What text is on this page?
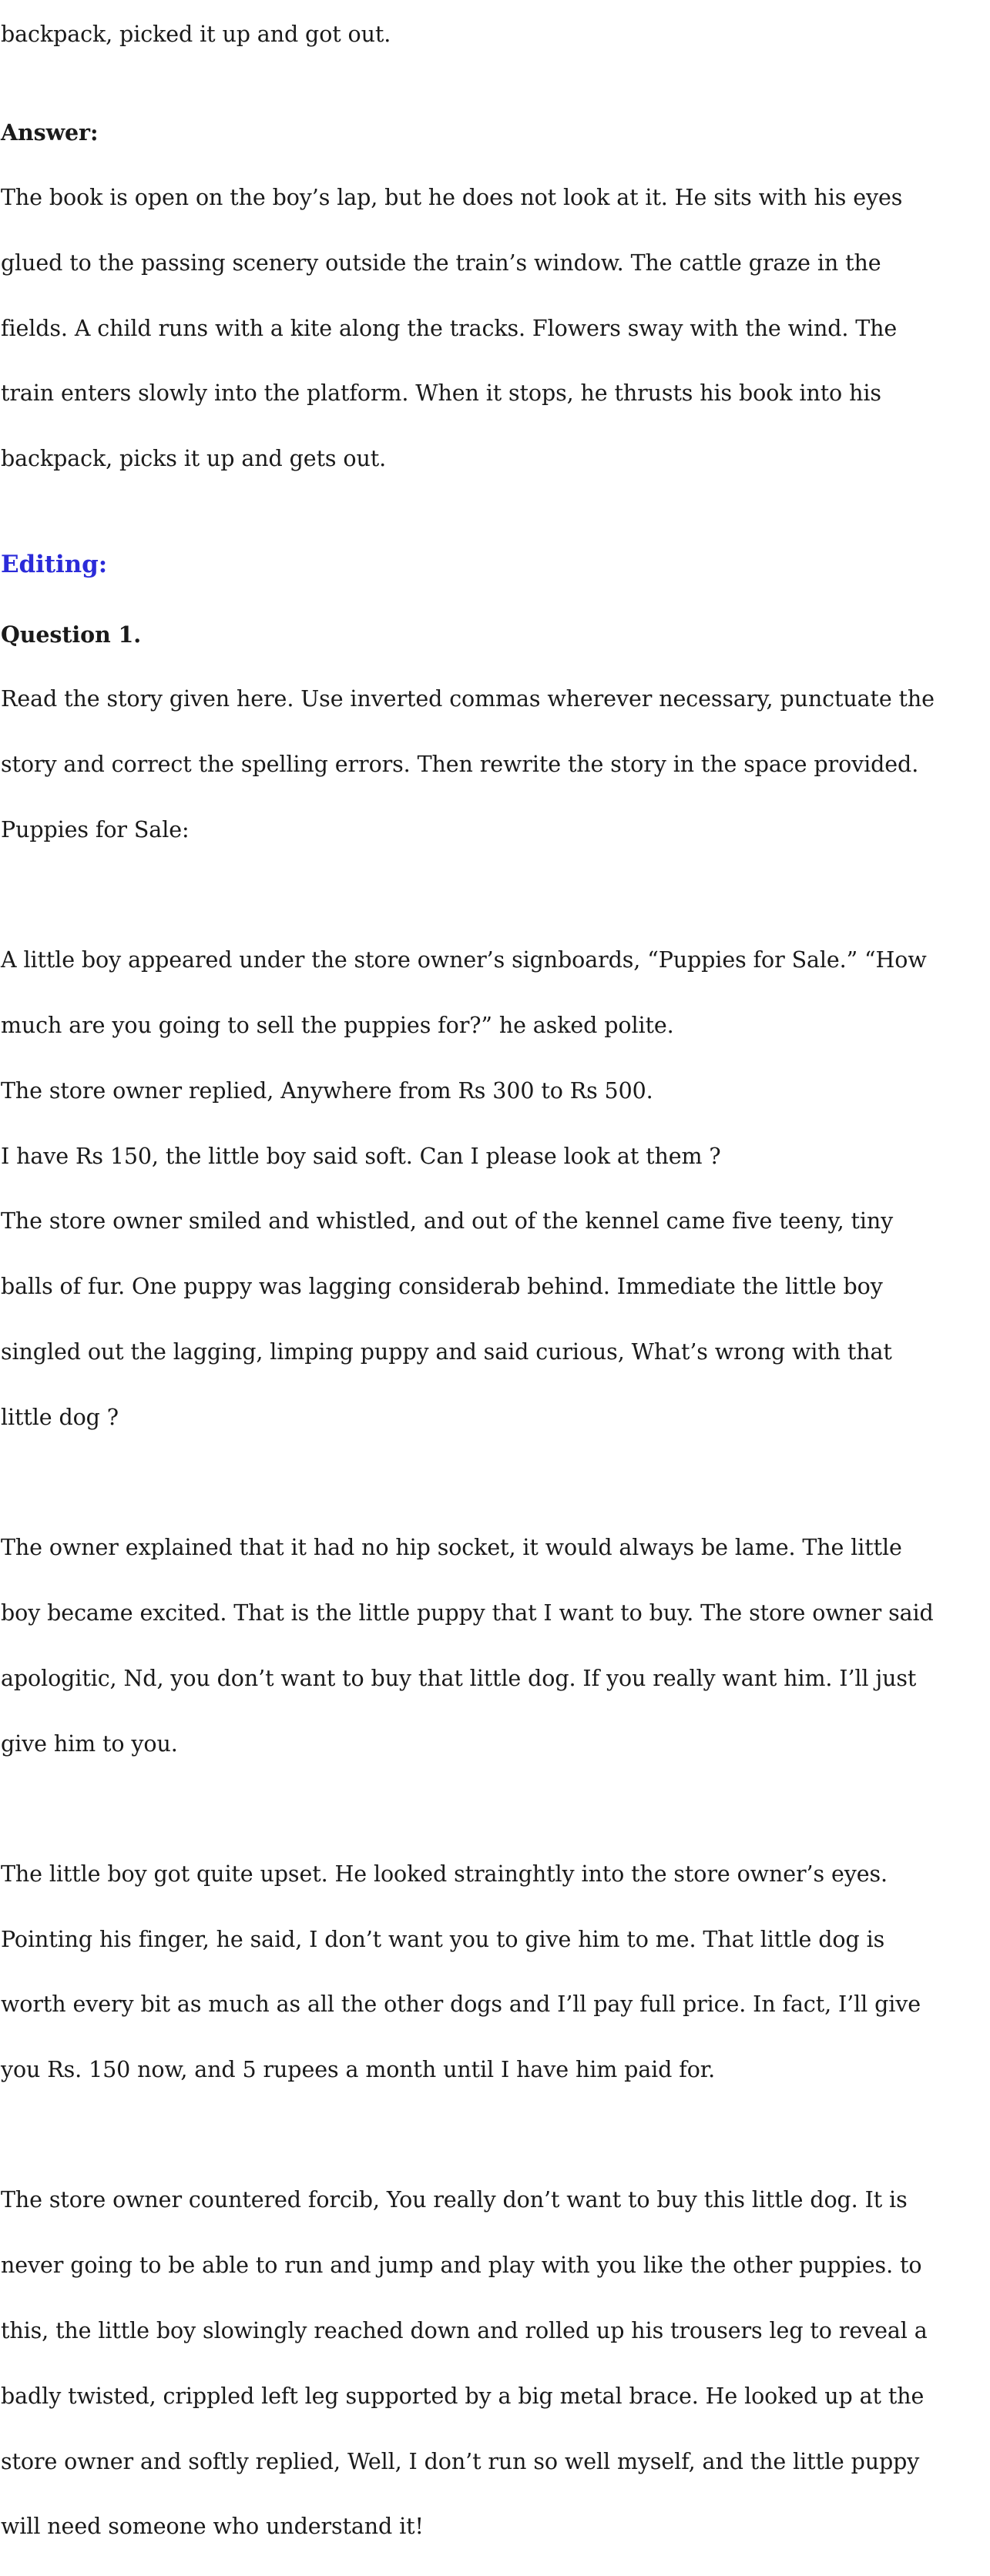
backpack, picked it up and got out.

Answer:

The book is open on the boy’s lap, but he does not look at it. He sits with his eyes

glued to the passing scenery outside the train’s window. The cattle graze in the

fields. A child runs with a kite along the tracks. Flowers sway with the wind. The

train enters slowly into the platform. When it stops, he thrusts his book into his

backpack, picks it up and gets out.

Editing:

Question 1.

Read the story given here. Use inverted commas wherever necessary, punctuate the

story and correct the spelling errors. Then rewrite the story in the space provided.

Puppies for Sale:

A little boy appeared under the store owner’s signboards, “Puppies for Sale.” “How

much are you going to sell the puppies for?” he asked polite.

The store owner replied, Anywhere from Rs 300 to Rs 500.

I have Rs 150, the little boy said soft. Can I please look at them ?

The store owner smiled and whistled, and out of the kennel came five teeny, tiny

balls of fur. One puppy was lagging considerab behind. Immediate the little boy

singled out the lagging, limping puppy and said curious, What’s wrong with that

little dog ?

The owner explained that it had no hip socket, it would always be lame. The little

boy became excited. That is the little puppy that I want to buy. The store owner said

apologitic, Nd, you don’t want to buy that little dog. If you really want him. I’ll just

give him to you.

The little boy got quite upset. He looked strainghtly into the store owner’s eyes.

Pointing his finger, he said, I don’t want you to give him to me. That little dog is

worth every bit as much as all the other dogs and I’ll pay full price. In fact, I’ll give

you Rs. 150 now, and 5 rupees a month until I have him paid for.

The store owner countered forcib, You really don’t want to buy this little dog. It is

never going to be able to run and jump and play with you like the other puppies. to

this, the little boy slowingly reached down and rolled up his trousers leg to reveal a

badly twisted, crippled left leg supported by a big metal brace. He looked up at the

store owner and softly replied, Well, I don’t run so well myself, and the little puppy

will need someone who understand it!
